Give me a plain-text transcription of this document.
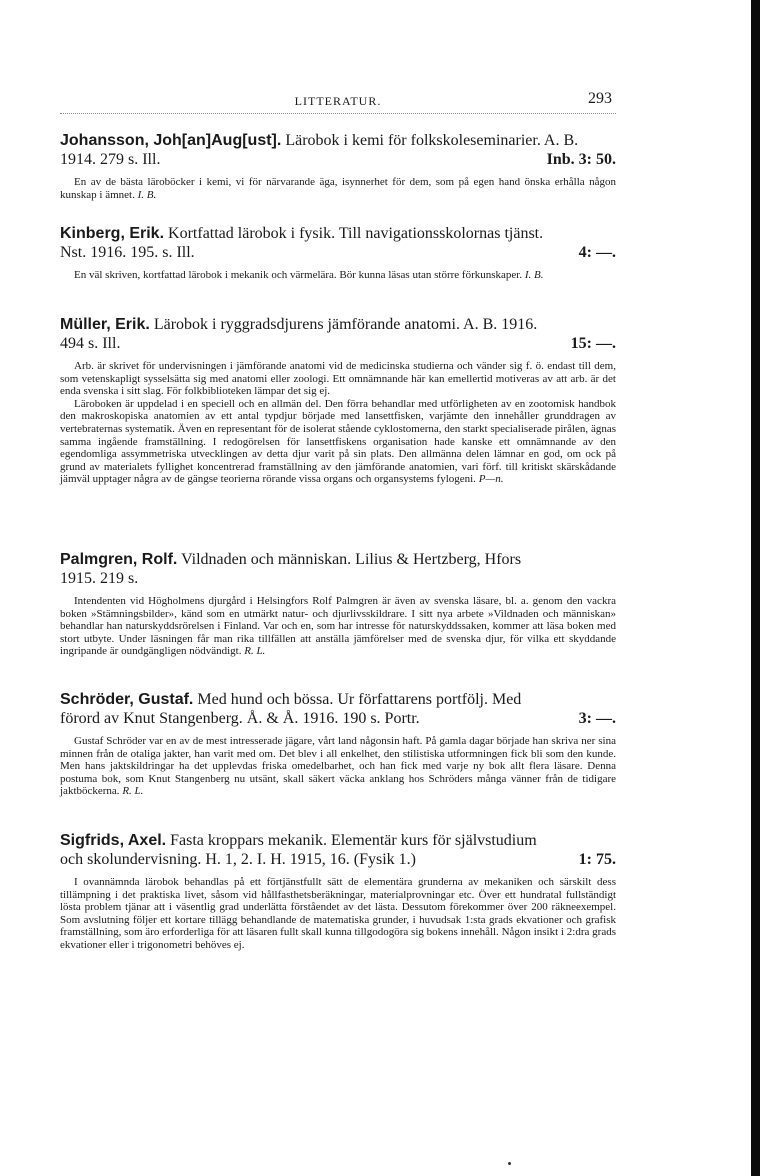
LITTERATUR.	293
Johansson, Joh[an]Aug[ust]. Lärobok i kemi för folkskoleseminarier. A. B.
1914. 279 s. Ill.	Inb. 3: 50.

En av de bästa läroböcker i kemi, vi för närvarande äga, isynnerhet för dem, som på egen hand önska erhålla någon kunskap i ämnet. I. B.

Kinberg, Erik. Kortfattad lärobok i fysik. Till navigationsskolornas tjänst.
Nst. 1916. 195. s. Ill.	4: —.

En väl skriven, kortfattad lärobok i mekanik och värmelära. Bör kunna läsas utan större förkunskaper. I. B.

Müller, Erik. Lärobok i ryggradsdjurens jämförande anatomi. A. B. 1916.
494 s. Ill.	15: —.

Arb. är skrivet för undervisningen i jämförande anatomi vid de medicinska studierna och vänder sig f. ö. endast till dem, som vetenskapligt sysselsätta sig med anatomi eller zoologi. Ett omnämnande här kan emellertid motiveras av att arb. är det enda svenska i sitt slag. För folkbiblioteken lämpar det sig ej.

Läroboken är uppdelad i en speciell och en allmän del. Den förra behandlar med utförligheten av en zootomisk handbok den makroskopiska anatomien av ett antal typdjur började med lansettfisken, varjämte den innehåller grunddragen av vertebraternas systematik. Även en representant för de isolerat stående cyklostomerna, den starkt specialiserade pirålen, ägnas samma ingående framställning. I redogörelsen för lansettfiskens organisation hade kanske ett omnämnande av den egendomliga assymmetriska utvecklingen av detta djur varit på sin plats. Den allmänna delen lämnar en god, om ock på grund av materialets fyllighet koncentrerad framställning av den jämförande anatomien, vari förf. till kritiskt skärskådande jämväl upptager några av de gängse teorierna rörande vissa organs och organsystems fylogeni. P—n.

Palmgren, Rolf. Vildnaden och människan. Lilius & Hertzberg, Hfors
1915. 219 s.

Intendenten vid Högholmens djurgård i Helsingfors Rolf Palmgren är även av svenska läsare, bl. a. genom den vackra boken »Stämningsbilder», känd som en utmärkt natur- och djurlivsskildrare. I sitt nya arbete »Vildnaden och människan» behandlar han naturskyddsrörelsen i Finland. Var och en, som har intresse för naturskyddssaken, kommer att läsa boken med stort utbyte. Under läsningen får man rika tillfällen att anställa jämförelser med de svenska djur, för vilka ett skyddande ingripande är oundgängligen nödvändigt. R. L.

Schröder, Gustaf. Med hund och bössa. Ur författarens portfölj. Med
förord av Knut Stangenberg. Å. & Å. 1916. 190 s. Portr.	3: —.

Gustaf Schröder var en av de mest intresserade jägare, vårt land någonsin haft. På gamla dagar började han skriva ner sina minnen från de otaliga jakter, han varit med om. Det blev i all enkelhet, den stilistiska utformningen fick bli som den kunde. Men hans jaktskildringar ha det upplevdas friska omedelbarhet, och han fick med varje ny bok allt flera läsare. Denna postuma bok, som Knut Stangenberg nu utsänt, skall säkert väcka anklang hos Schröders många vänner från de tidigare jaktböckerna. R. L.

Sigfrids, Axel. Fasta kroppars mekanik. Elementär kurs för självstudium
och skolundervisning. H. 1, 2. I. H. 1915, 16. (Fysik 1.)	1: 75.

I ovannämnda lärobok behandlas på ett förtjänstfullt sätt de elementära grunderna av mekaniken och särskilt dess tillämpning i det praktiska livet, såsom vid hållfasthetsberäkningar, materialprovningar etc. Över ett hundratal fullständigt lösta problem tjänar att i väsentlig grad underlätta förståendet av det lästa. Dessutom förekommer över 200 räkneexempel. Som avslutning följer ett kortare tillägg behandlande de matematiska grunder, i huvudsak 1:sta grads ekvationer och grafisk framställning, som äro erforderliga för att läsaren fullt skall kunna tillgodogöra sig bokens innehåll. Någon insikt i 2:dra grads ekvationer eller i trigonometri behöves ej.
